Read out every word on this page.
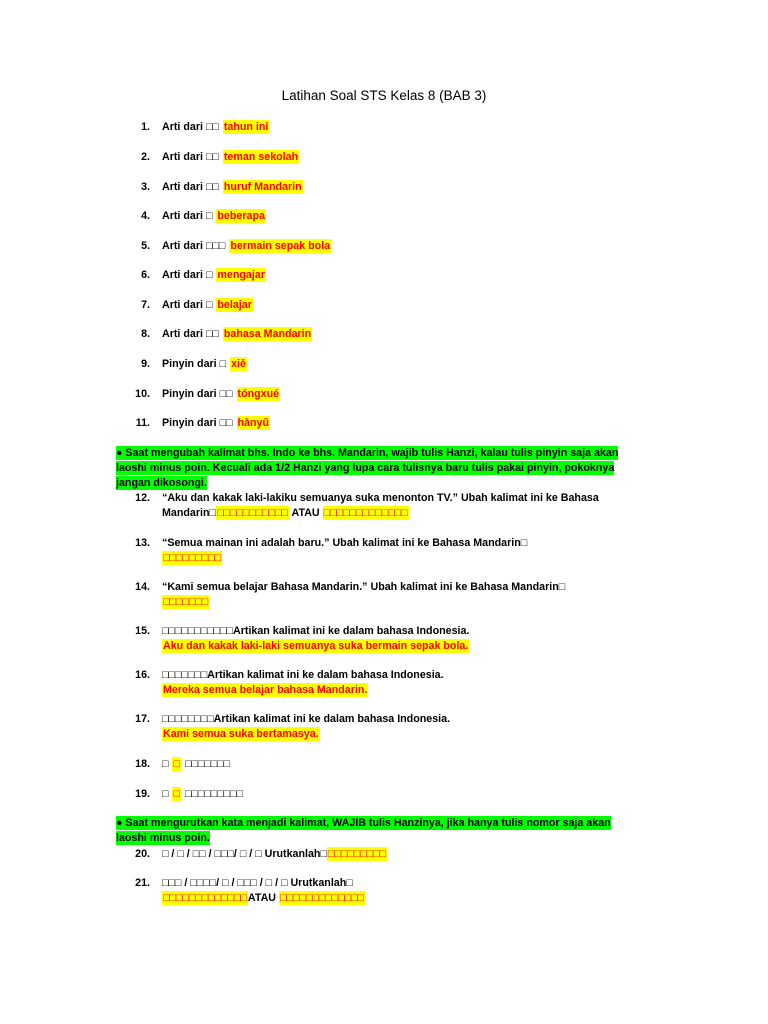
Latihan Soal STS Kelas 8 (BAB 3)
1. Arti dari □□ tahun ini
2. Arti dari □□ teman sekolah
3. Arti dari □□ huruf Mandarin
4. Arti dari □ beberapa
5. Arti dari □□□ bermain sepak bola
6. Arti dari □ mengajar
7. Arti dari □ belajar
8. Arti dari □□ bahasa Mandarin
9. Pinyin dari □ xiě
10. Pinyin dari □□ tóngxué
11. Pinyin dari □□ hànyǔ
● Saat mengubah kalimat bhs. Indo ke bhs. Mandarin, wajib tulis Hanzi, kalau tulis pinyin saja akan
laoshi minus poin. Kecuali ada 1/2 Hanzi yang lupa cara tulisnya baru tulis pakai pinyin, pokoknya
jangan dikosongi.
12. “Aku dan kakak laki-lakiku semuanya suka menonton TV.” Ubah kalimat ini ke Bahasa
Mandarin□□□□□□□□□□□□ ATAU □□□□□□□□□□□□□
13. “Semua mainan ini adalah baru.” Ubah kalimat ini ke Bahasa Mandarin□
□□□□□□□□□
14. “Kami semua belajar Bahasa Mandarin.” Ubah kalimat ini ke Bahasa Mandarin□
□□□□□□□
15. □□□□□□□□□□□Artikan kalimat ini ke dalam bahasa Indonesia.
Aku dan kakak laki-laki semuanya suka bermain sepak bola.
16. □□□□□□□Artikan kalimat ini ke dalam bahasa Indonesia.
Mereka semua belajar bahasa Mandarin.
17. □□□□□□□□Artikan kalimat ini ke dalam bahasa Indonesia.
Kami semua suka bertamasya.
18. □ □ □□□□□□□
19. □ □ □□□□□□□□□
● Saat mengurutkan kata menjadi kalimat, WAJIB tulis Hanzinya, jika hanya tulis nomor saja akan
laoshi minus poin.
20. □ / □ / □□ / □□□/ □ / □ Urutkanlah□□□□□□□□□□
21. □□□ / □□□□/ □ / □□□ / □ / □ Urutkanlah□
□□□□□□□□□□□□□ATAU □□□□□□□□□□□□□
